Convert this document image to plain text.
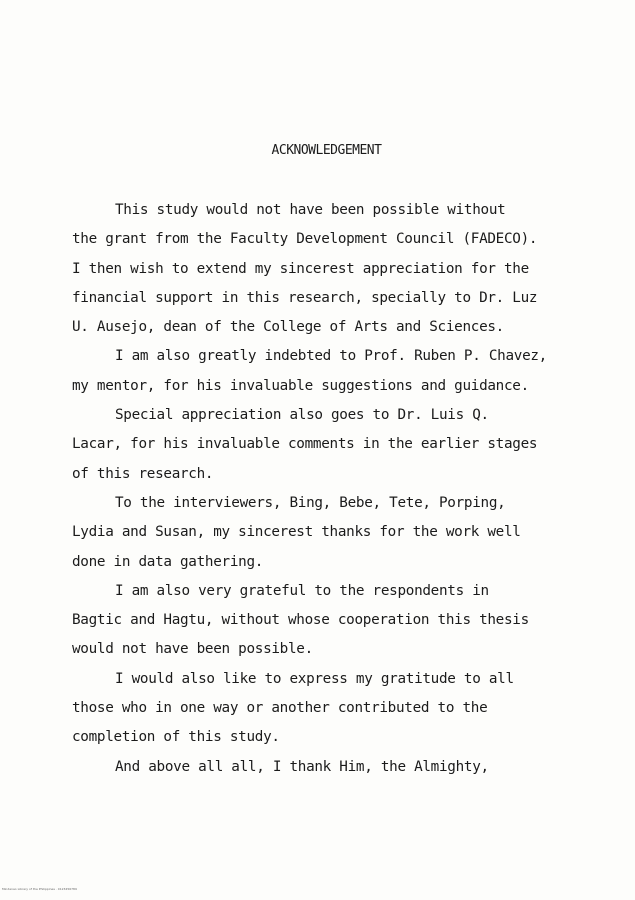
ACKNOWLEDGEMENT
This study would not have been possible without
the grant from the Faculty Development Council (FADECO).
I then wish to extend my sincerest appreciation for the
financial support in this research, specially to Dr. Luz
U. Ausejo, dean of the College of Arts and Sciences.
I am also greatly indebted to Prof. Ruben P. Chavez,
my mentor, for his invaluable suggestions and guidance.
Special appreciation also goes to Dr. Luis Q.
Lacar, for his invaluable comments in the earlier stages
of this research.
To the interviewers, Bing, Bebe, Tete, Porping,
Lydia and Susan, my sincerest thanks for the work well
done in data gathering.
I am also very grateful to the respondents in
Bagtic and Hagtu, without whose cooperation this thesis
would not have been possible.
I would also like to express my gratitude to all
those who in one way or another contributed to the
completion of this study.
And above all all, I thank Him, the Almighty,
Mindanao Library of the Philippines · 0123456789
